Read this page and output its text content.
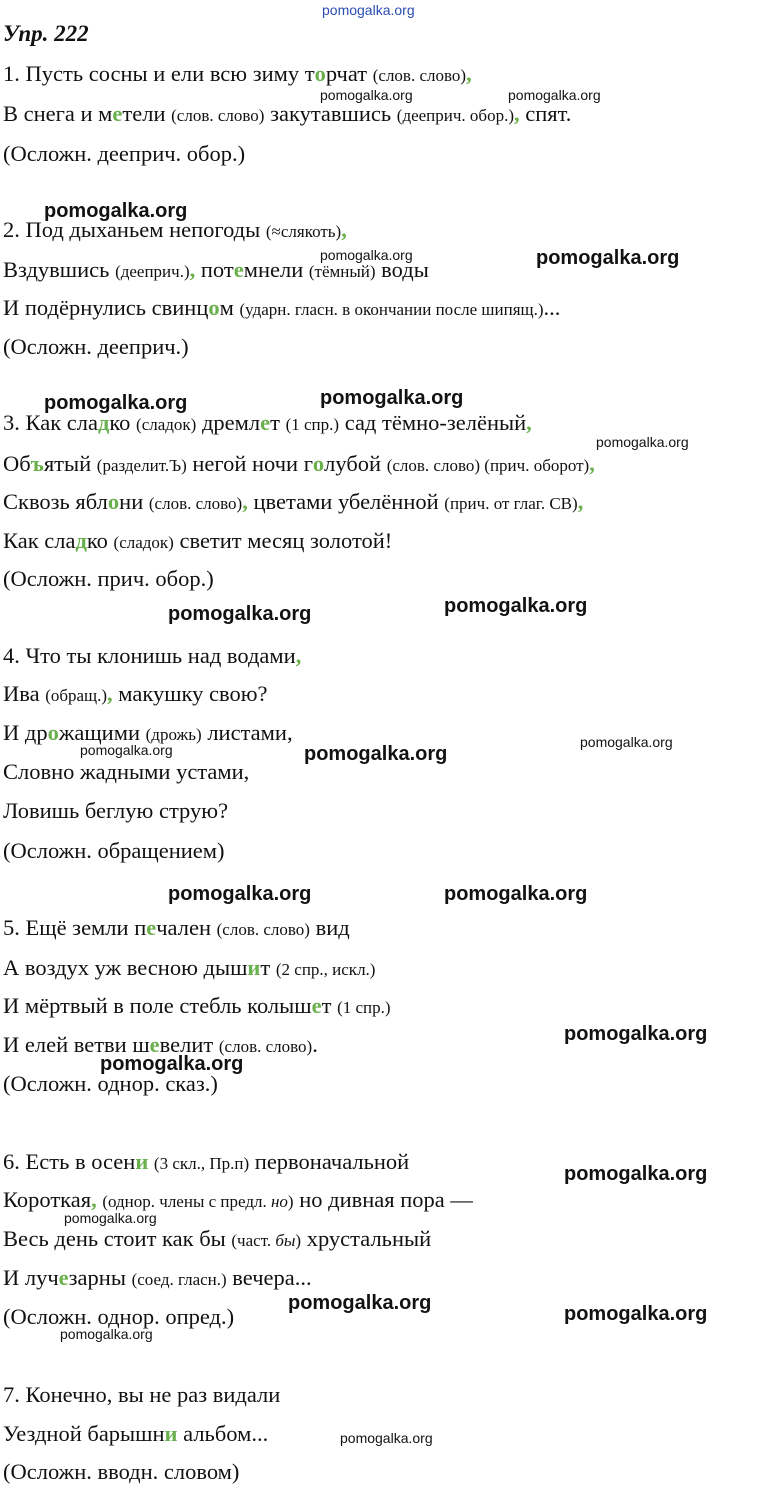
Упр. 222
1. Пусть сосны и ели всю зиму торчат (слов. слово),
В снега и метели (слов. слово) закутавшись (дееприч. обор.), спят.
(Осложн. дееприч. обор.)
2. Под дыханьем непогоды (≈слякоть),
Вздувшись (дееприч.), потемнели (тёмный) воды
И подёрнулись свинцом (ударн. гласн. в окончании после шипящ.)...
(Осложн. дееприч.)
3. Как сладко (сладок) дремлет (1 спр.) сад тёмно-зелёный,
Объятый (разделит.Ъ) негой ночи голубой (слов. слово) (прич. оборот),
Сквозь яблони (слов. слово), цветами убелённой (прич. от глаг. СВ),
Как сладко (сладок) светит месяц золотой!
(Осложн. прич. обор.)
4. Что ты клонишь над водами,
Ива (обращ.), макушку свою?
И дрожащими (дрожь) листами,
Словно жадными устами,
Ловишь беглую струю?
(Осложн. обращением)
5. Ещё земли печален (слов. слово) вид
А воздух уж весною дышит (2 спр., искл.)
И мёртвый в поле стебль колышет (1 спр.)
И елей ветви шевелит (слов. слово).
(Осложн. однор. сказ.)
6. Есть в осени (3 скл., Пр.п) первоначальной
Короткая, (однор. члены с предл. но) но дивная пора —
Весь день стоит как бы (част. бы) хрустальный
И лучезарны (соед. гласн.) вечера...
(Осложн. однор. опред.)
7. Конечно, вы не раз видали
Уездной барышни альбом...
(Осложн. вводн. словом)
pomogalka.org
pomogalka.org	pomogalka.org
pomogalka.org
pomogalka.org	pomogalka.org
pomogalka.org	pomogalka.org
pomogalka.org
pomogalka.org	pomogalka.org
pomogalka.org	pomogalka.org
pomogalka.org
pomogalka.org	pomogalka.org
pomogalka.org
pomogalka.org
pomogalka.org
pomogalka.org
pomogalka.org	pomogalka.org
pomogalka.org
pomogalka.org
